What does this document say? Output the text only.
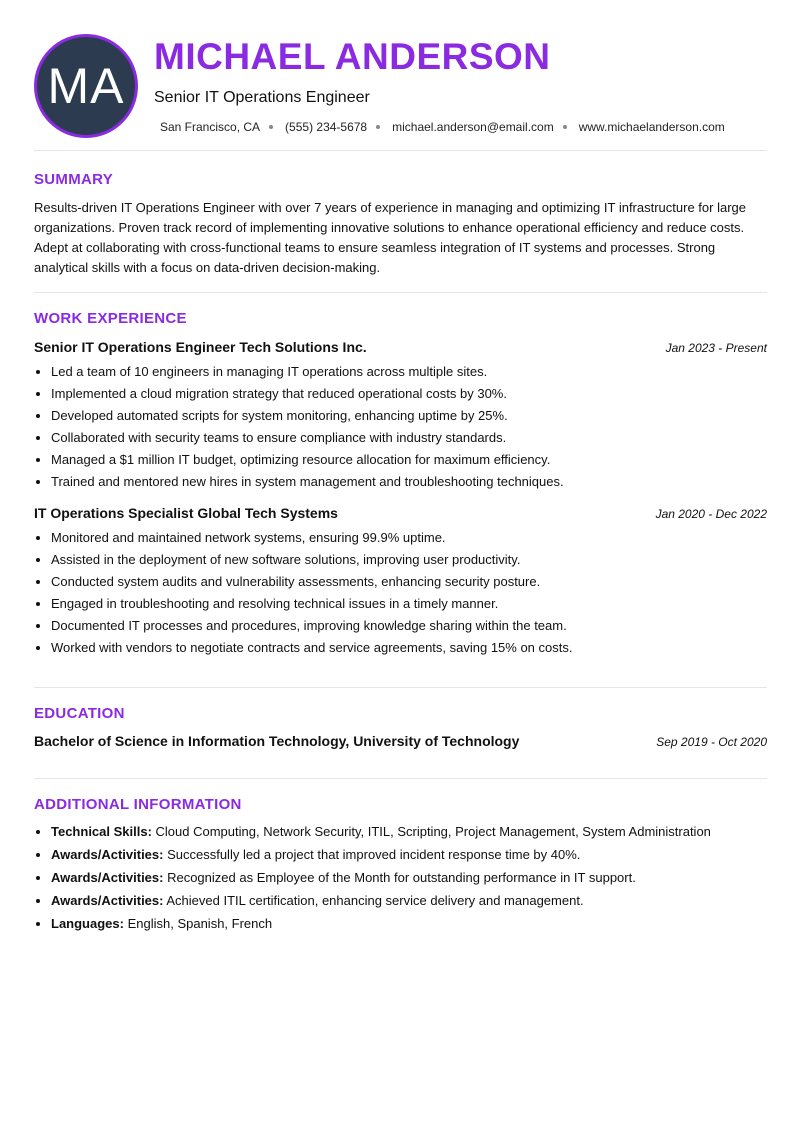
MA
MICHAEL ANDERSON
Senior IT Operations Engineer
San Francisco, CA (555) 234-5678 michael.anderson@email.com www.michaelanderson.com
SUMMARY

Results-driven IT Operations Engineer with over 7 years of experience in managing and optimizing IT infrastructure for large organizations. Proven track record of implementing innovative solutions to enhance operational efficiency and reduce costs. Adept at collaborating with cross-functional teams to ensure seamless integration of IT systems and processes. Strong analytical skills with a focus on data-driven decision-making.

WORK EXPERIENCE
Senior IT Operations Engineer Tech Solutions Inc.	Jan 2023 - Present
• Led a team of 10 engineers in managing IT operations across multiple sites.
• Implemented a cloud migration strategy that reduced operational costs by 30%.
• Developed automated scripts for system monitoring, enhancing uptime by 25%.
• Collaborated with security teams to ensure compliance with industry standards.
• Managed a $1 million IT budget, optimizing resource allocation for maximum efficiency.
• Trained and mentored new hires in system management and troubleshooting techniques.
IT Operations Specialist Global Tech Systems	Jan 2020 - Dec 2022
• Monitored and maintained network systems, ensuring 99.9% uptime.
• Assisted in the deployment of new software solutions, improving user productivity.
• Conducted system audits and vulnerability assessments, enhancing security posture.
• Engaged in troubleshooting and resolving technical issues in a timely manner.
• Documented IT processes and procedures, improving knowledge sharing within the team.
• Worked with vendors to negotiate contracts and service agreements, saving 15% on costs.
EDUCATION
Bachelor of Science in Information Technology, University of Technology	Sep 2019 - Oct 2020
ADDITIONAL INFORMATION
• Technical Skills: Cloud Computing, Network Security, ITIL, Scripting, Project Management, System Administration
• Awards/Activities: Successfully led a project that improved incident response time by 40%.
• Awards/Activities: Recognized as Employee of the Month for outstanding performance in IT support.
• Awards/Activities: Achieved ITIL certification, enhancing service delivery and management.
• Languages: English, Spanish, French
